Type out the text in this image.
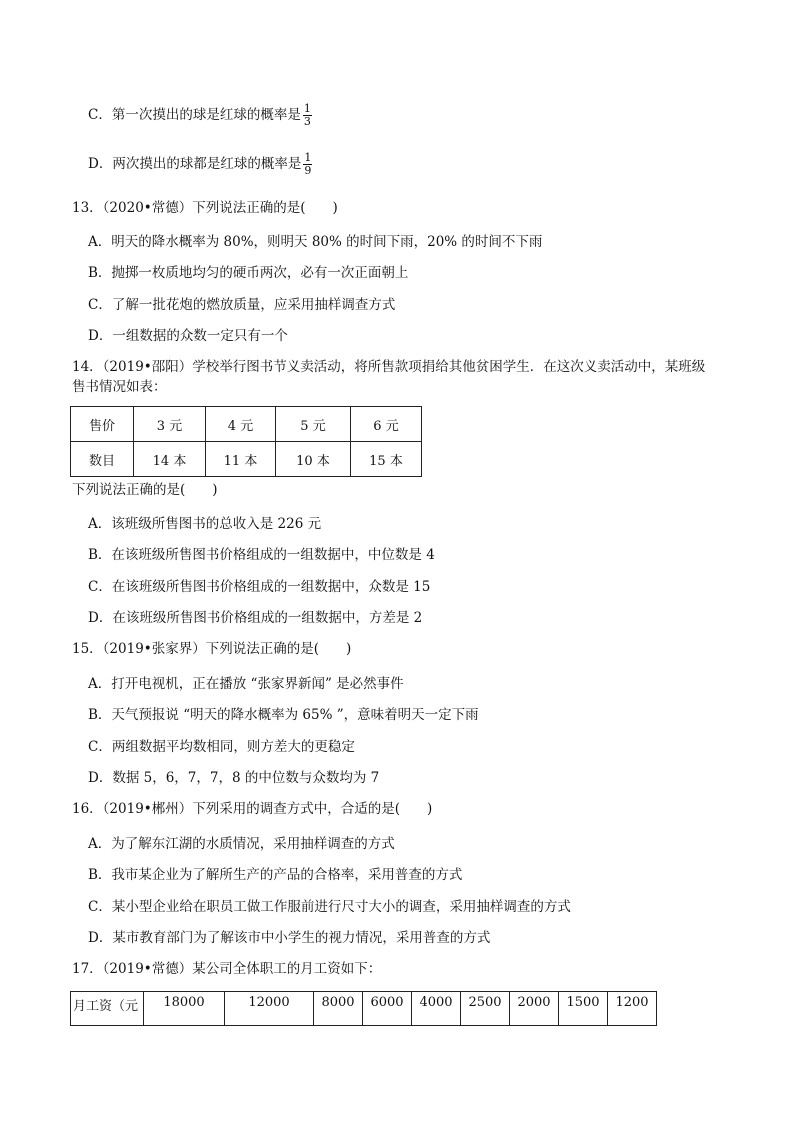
C．第一次摸出的球是红球的概率是 $\frac{1}{3}$
D．两次摸出的球都是红球的概率是 $\frac{1}{9}$
13．（2020•常德）下列说法正确的是(　　)
A．明天的降水概率为 80%，则明天 80% 的时间下雨，20% 的时间不下雨
B．抛掷一枚质地均匀的硬币两次，必有一次正面朝上
C．了解一批花炮的燃放质量，应采用抽样调查方式
D．一组数据的众数一定只有一个
14．（2019•邵阳）学校举行图书节义卖活动，将所售款项捐给其他贫困学生．在这次义卖活动中，某班级
售书情况如表：
售价	3 元	4 元	5 元	6 元
数目	14 本	11 本	10 本	15 本
下列说法正确的是(　　)
A．该班级所售图书的总收入是 226 元
B．在该班级所售图书价格组成的一组数据中，中位数是 4
C．在该班级所售图书价格组成的一组数据中，众数是 15
D．在该班级所售图书价格组成的一组数据中，方差是 2
15．（2019•张家界）下列说法正确的是(　　)
A．打开电视机，正在播放 “张家界新闻” 是必然事件
B．天气预报说 “明天的降水概率为 65% ”，意味着明天一定下雨
C．两组数据平均数相同，则方差大的更稳定
D．数据 5，6，7，7，8 的中位数与众数均为 7
16．（2019•郴州）下列采用的调查方式中，合适的是(　　)
A．为了解东江湖的水质情况，采用抽样调查的方式
B．我市某企业为了解所生产的产品的合格率，采用普查的方式
C．某小型企业给在职员工做工作服前进行尺寸大小的调查，采用抽样调查的方式
D．某市教育部门为了解该市中小学生的视力情况，采用普查的方式
17．（2019•常德）某公司全体职工的月工资如下：
月工资（元	18000	12000	8000	6000	4000	2500	2000	1500	1200
